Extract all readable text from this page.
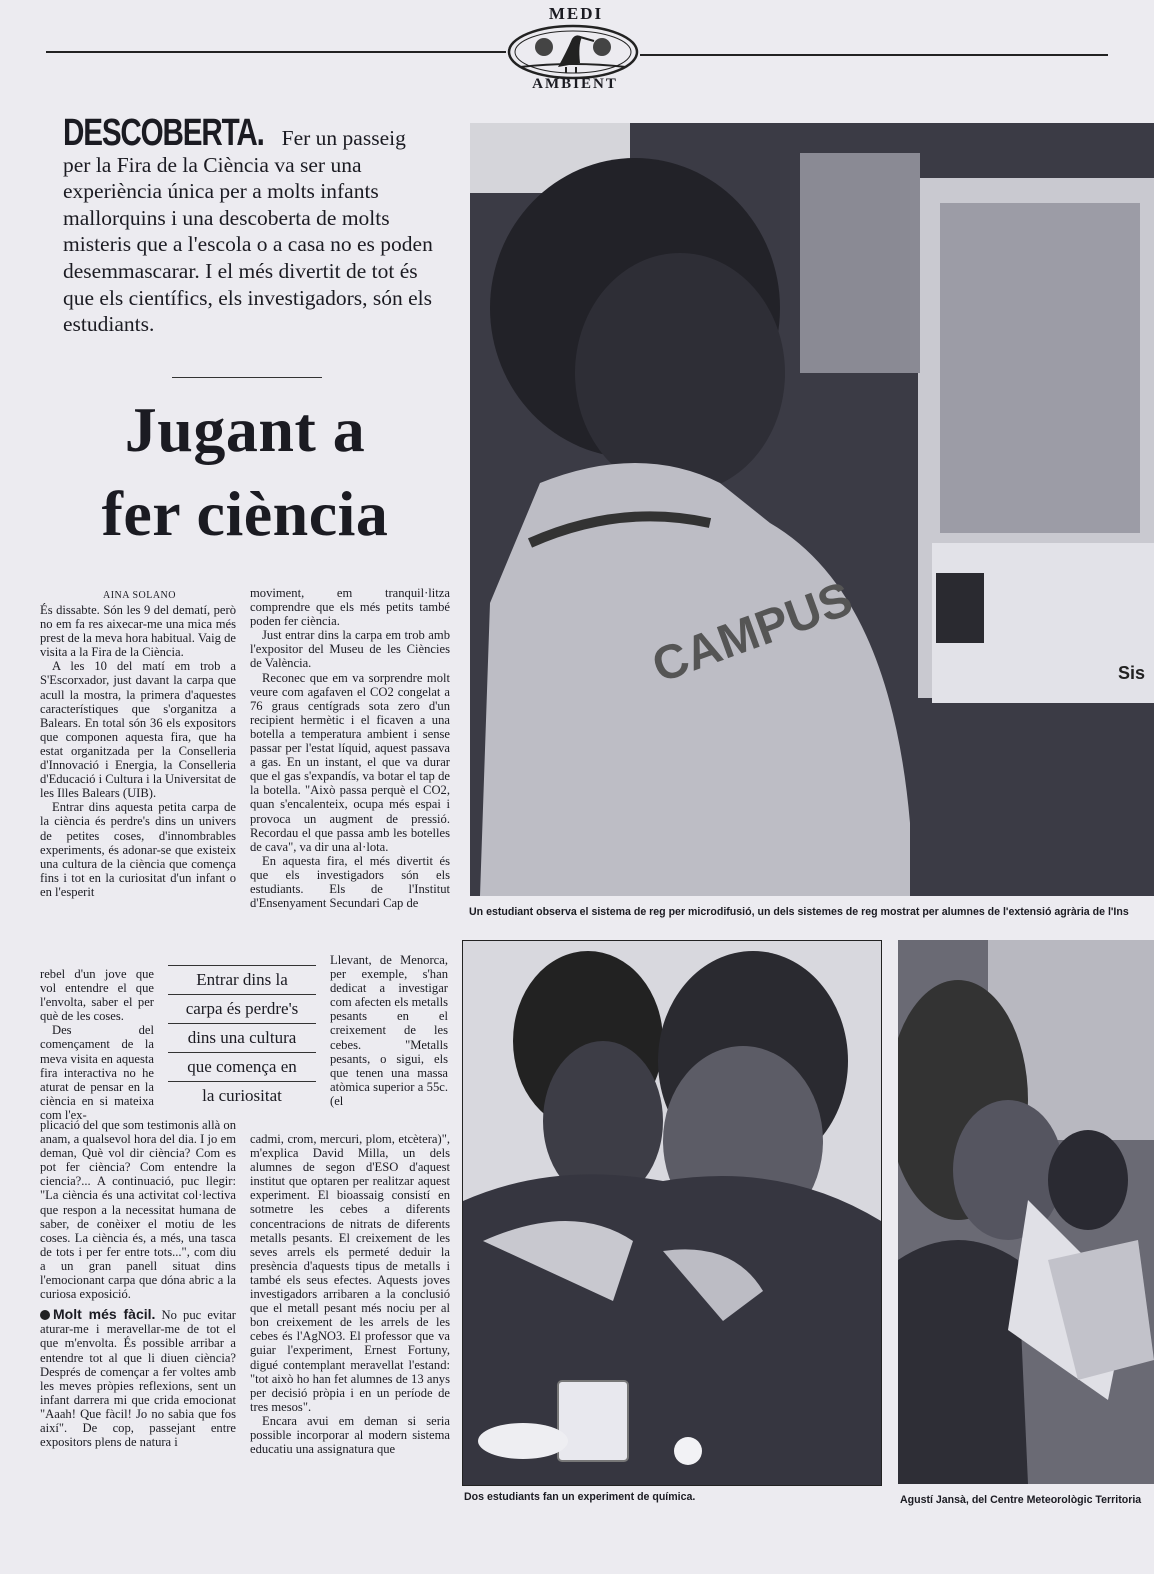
MEDI
AMBIENT
DESCOBERTA. Fer un passeig per la Fira de la Ciència va ser una experiència única per a molts infants mallorquins i una descoberta de molts misteris que a l'escola o a casa no es poden desemmascarar. I el més divertit de tot és que els científics, els investigadors, són els estudiants.
Jugant a
fer ciència
AINA SOLANO

És dissabte. Són les 9 del dematí, però no em fa res aixecar-me una mica més prest de la meva hora habitual. Vaig de visita a la Fira de la Ciència.

A les 10 del matí em trob a S'Escorxador, just davant la carpa que acull la mostra, la primera d'aquestes característiques que s'organitza a Balears. En total són 36 els expositors que componen aquesta fira, que ha estat organitzada per la Conselleria d'Innovació i Energia, la Conselleria d'Educació i Cultura i la Universitat de les Illes Balears (UIB).

Entrar dins aquesta petita carpa de la ciència és perdre's dins un univers de petites coses, d'innombrables experiments, és adonar-se que existeix una cultura de la ciència que comença fins i tot en la curiositat d'un infant o en l'esperit

rebel d'un jove que vol entendre el que l'envolta, saber el per què de les coses.

Des del començament de la meva visita en aquesta fira interactiva no he aturat de pensar en la ciència en si mateixa com l'ex-

plicació del que som testimonis allà on anam, a qualsevol hora del dia. I jo em deman, Què vol dir ciència? Com es pot fer ciència? Com entendre la ciencia?... A continuació, puc llegir: "La ciència és una activitat col·lectiva que respon a la necessitat humana de saber, de conèixer el motiu de les coses. La ciència és, a més, una tasca de tots i per fer entre tots...", com diu a un gran panell situat dins l'emocionant carpa que dóna abric a la curiosa exposició.

Molt més fàcil. No puc evitar aturar-me i meravellar-me de tot el que m'envolta. És possible arribar a entendre tot al que li diuen ciència? Després de començar a fer voltes amb les meves pròpies reflexions, sent un infant darrera mi que crida emocionat "Aaah! Que fàcil! Jo no sabia que fos així". De cop, passejant entre expositors plens de natura i

moviment, em tranquil·litza comprendre que els més petits també poden fer ciència.

Just entrar dins la carpa em trob amb l'expositor del Museu de les Ciències de València.

Reconec que em va sorprendre molt veure com agafaven el CO2 congelat a 76 graus centígrads sota zero d'un recipient hermètic i el ficaven a una botella a temperatura ambient i sense passar per l'estat líquid, aquest passava a gas. En un instant, el que va durar que el gas s'expandís, va botar el tap de la botella. "Això passa perquè el CO2, quan s'encalenteix, ocupa més espai i provoca un augment de pressió. Recordau el que passa amb les botelles de cava", va dir una al·lota.

En aquesta fira, el més divertit és que els investigadors són els estudiants. Els de l'Institut d'Ensenyament Secundari Cap de

Llevant, de Menorca, per exemple, s'han dedicat a investigar com afecten els metalls pesants en el creixement de les cebes. "Metalls pesants, o sigui, els que tenen una massa atòmica superior a 55c. (el

cadmi, crom, mercuri, plom, etcètera)", m'explica David Milla, un dels alumnes de segon d'ESO d'aquest institut que optaren per realitzar aquest experiment. El bioassaig consistí en sotmetre les cebes a diferents concentracions de nitrats de diferents metalls pesants. El creixement de les seves arrels els permeté deduir la presència d'aquests tipus de metalls i també els seus efectes. Aquests joves investigadors arribaren a la conclusió que el metall pesant més nociu per al bon creixement de les arrels de les cebes és l'AgNO3. El professor que va guiar l'experiment, Ernest Fortuny, digué contemplant meravellat l'estand: "tot això ho han fet alumnes de 13 anys per decisió pròpia i en un període de tres mesos".

Encara avui em deman si seria possible incorporar al modern sistema educatiu una assignatura que

Entrar dins la
carpa és perdre's
dins una cultura
que comença en
la curiositat
CAMPUS	Sis
Un estudiant observa el sistema de reg per microdifusió, un dels sistemes de reg mostrat per alumnes de l'extensió agrària de l'Ins
Dos estudiants fan un experiment de química.	Agustí Jansà, del Centre Meteorològic Territoria
